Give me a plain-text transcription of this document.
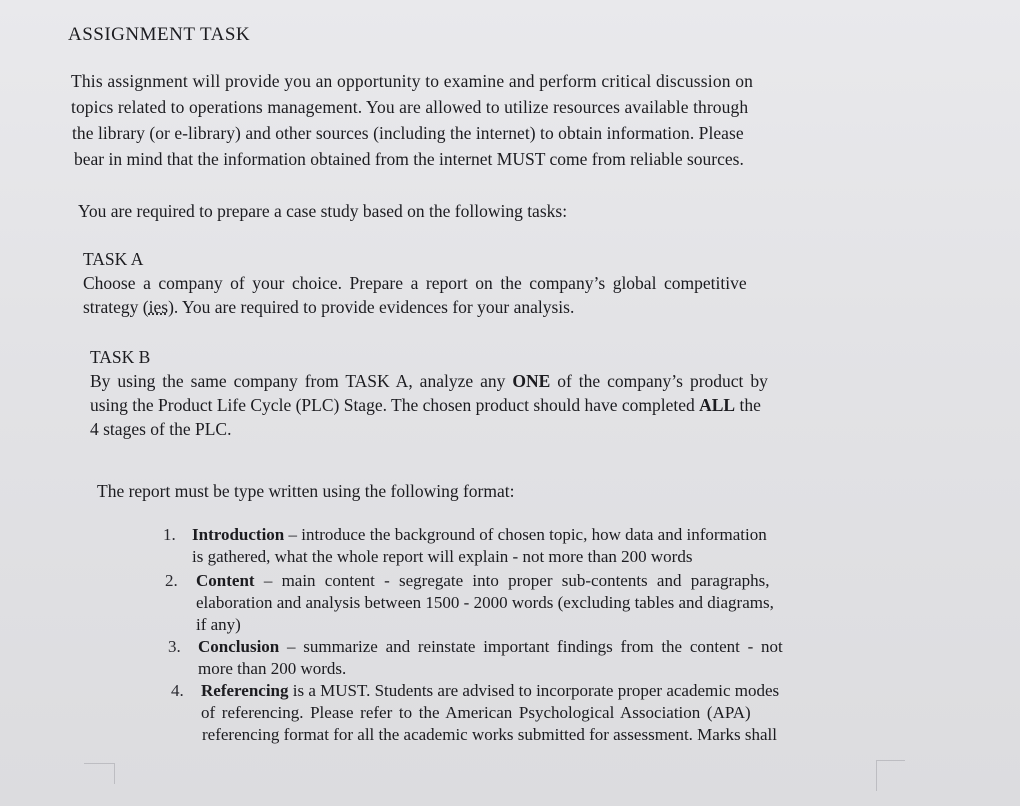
ASSIGNMENT TASK

This assignment will provide you an opportunity to examine and perform critical discussion on

topics related to operations management. You are allowed to utilize resources available through

the library (or e-library) and other sources (including the internet) to obtain information. Please

bear in mind that the information obtained from the internet MUST come from reliable sources.

You are required to prepare a case study based on the following tasks:

TASK A

Choose a company of your choice. Prepare a report on the company’s global competitive

strategy (ies). You are required to provide evidences for your analysis.

TASK B

By using the same company from TASK A, analyze any ONE of the company’s product by

using the Product Life Cycle (PLC) Stage. The chosen product should have completed ALL the

4 stages of the PLC.

The report must be type written using the following format:

1. Introduction – introduce the background of chosen topic, how data and information

is gathered, what the whole report will explain - not more than 200 words

2. Content – main content - segregate into proper sub-contents and paragraphs,

elaboration and analysis between 1500 - 2000 words (excluding tables and diagrams,

if any)

3. Conclusion – summarize and reinstate important findings from the content - not

more than 200 words.

4. Referencing is a MUST. Students are advised to incorporate proper academic modes

of referencing. Please refer to the American Psychological Association (APA)

referencing format for all the academic works submitted for assessment. Marks shall
